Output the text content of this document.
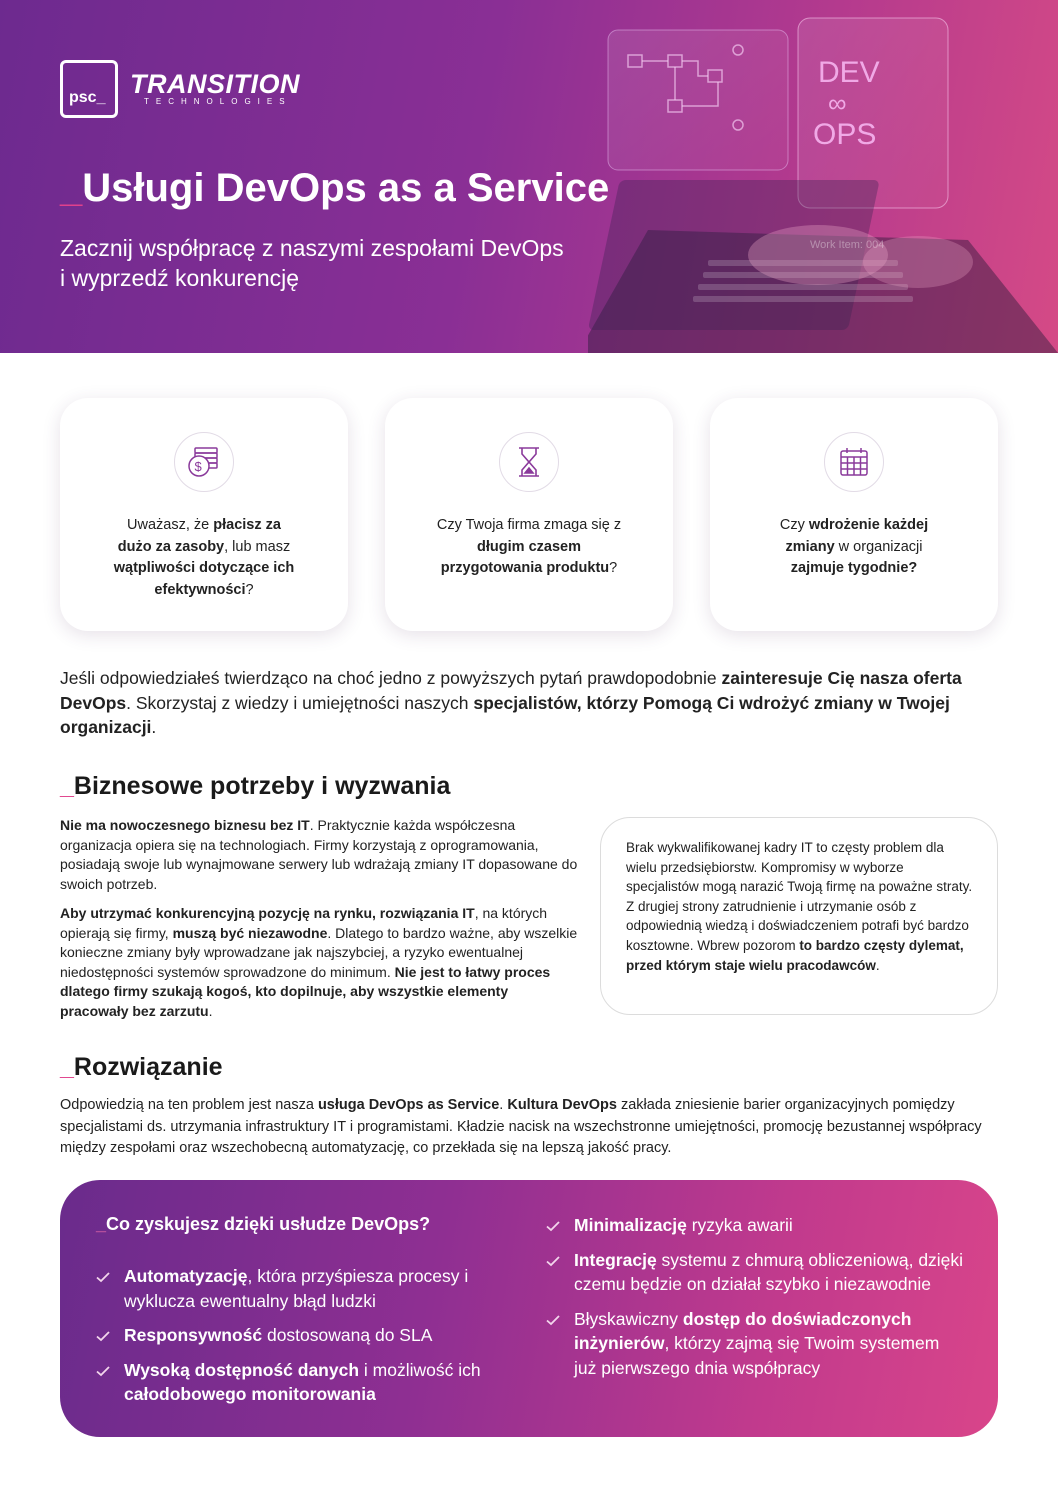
DEV
∞
OPS
Work Item: 004
psc_ TRANSITION
TECHNOLOGIES
_Usługi DevOps as a Service
Zacznij współpracę z naszymi zespołami DevOps
i wyprzedź konkurencję
$
Uważasz, że płacisz za
dużo za zasoby, lub masz
wątpliwości dotyczące ich efektywności?
Czy Twoja firma zmaga się z długim czasem przygotowania produktu?
Czy wdrożenie każdej zmiany w organizacji zajmuje tygodnie?
Jeśli odpowiedziałeś twierdząco na choć jedno z powyższych pytań prawdopodobnie zainteresuje Cię nasza oferta DevOps. Skorzystaj z wiedzy i umiejętności naszych specjalistów, którzy Pomogą Ci wdrożyć zmiany w Twojej organizacji.
_Biznesowe potrzeby i wyzwania

Nie ma nowoczesnego biznesu bez IT. Praktycznie każda współczesna organizacja opiera się na technologiach. Firmy korzystają z oprogramowania, posiadają swoje lub wynajmowane serwery lub wdrażają zmiany IT dopasowane do swoich potrzeb.

Aby utrzymać konkurencyjną pozycję na rynku, rozwiązania IT, na których opierają się firmy, muszą być niezawodne. Dlatego to bardzo ważne, aby wszelkie konieczne zmiany były wprowadzane jak najszybciej, a ryzyko ewentualnej niedostępności systemów sprowadzone do minimum. Nie jest to łatwy proces dlatego firmy szukają kogoś, kto dopilnuje, aby wszystkie elementy pracowały bez zarzutu.

Brak wykwalifikowanej kadry IT to częsty problem dla wielu przedsiębiorstw. Kompromisy w wyborze specjalistów mogą narazić Twoją firmę na poważne straty. Z drugiej strony zatrudnienie i utrzymanie osób z odpowiednią wiedzą i doświadczeniem potrafi być bardzo kosztowne. Wbrew pozorom to bardzo częsty dylemat, przed którym staje wielu pracodawców.
_Rozwiązanie
Odpowiedzią na ten problem jest nasza usługa DevOps as Service. Kultura DevOps zakłada zniesienie barier organizacyjnych pomiędzy specjalistami ds. utrzymania infrastruktury IT i programistami. Kładzie nacisk na wszechstronne umiejętności, promocję bezustannej współpracy między zespołami oraz wszechobecną automatyzację, co przekłada się na lepszą jakość pracy.
_Co zyskujesz dzięki usłudze DevOps?
Automatyzację, która przyśpiesza procesy i wyklucza ewentualny błąd ludzki
Responsywność dostosowaną do SLA
Wysoką dostępność danych i możliwość ich całodobowego monitorowania
Minimalizację ryzyka awarii
Integrację systemu z chmurą obliczeniową, dzięki czemu będzie on działał szybko i niezawodnie
Błyskawiczny dostęp do doświadczonych inżynierów, którzy zajmą się Twoim systemem już pierwszego dnia współpracy
